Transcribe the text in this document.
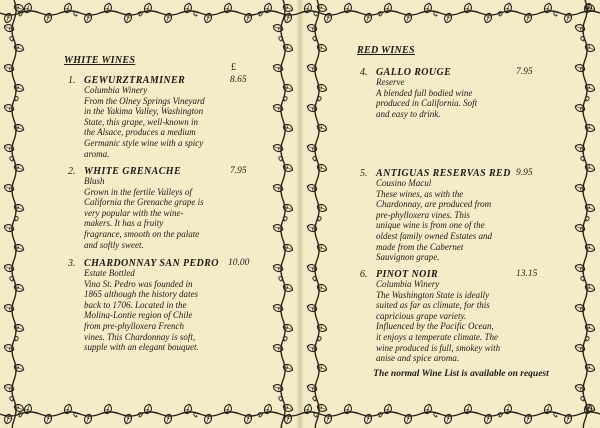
WHITE WINES
£
1. GEWURZTRAMINER	8.65
Columbia Winery
From the Olney Springs Vineyard
in the Yakima Valley, Washington
State, this grape, well-known in
the Alsace, produces a medium
Germanic style wine with a spicy
aroma.
2. WHITE GRENACHE	7.95
Blush
Grown in the fertile Valleys of
California the Grenache grape is
very popular with the wine-
makers. It has a fruity
fragrance, smooth on the palate
and softly sweet.
3. CHARDONNAY SAN PEDRO 10.00
Estate Bottled
Vina St. Pedro was founded in
1865 although the history dates
back to 1706. Located in the
Molina-Lontie region of Chile
from pre-phylloxera French
vines. This Chardonnay is soft,
supple with an elegant bouquet.
RED WINES
4. GALLO ROUGE	7.95
Reserve
A blended full bodied wine
produced in California. Soft
and easy to drink.
5. ANTIGUAS RESERVAS RED 9.95
Cousino Macul
These wines, as with the
Chardonnay, are produced from
pre-phylloxera vines. This
unique wine is from one of the
oldest family owned Estates and
made from the Cabernet
Sauvignon grape.
6. PINOT NOIR	13.15
Columbia Winery
The Washington State is ideally
suited as far as climate, for this
capricious grape variety.
Influenced by the Pacific Ocean,
it enjoys a temperate climate. The
wine produced is full, smokey with
anise and spice aroma.
The normal Wine List is available on request
